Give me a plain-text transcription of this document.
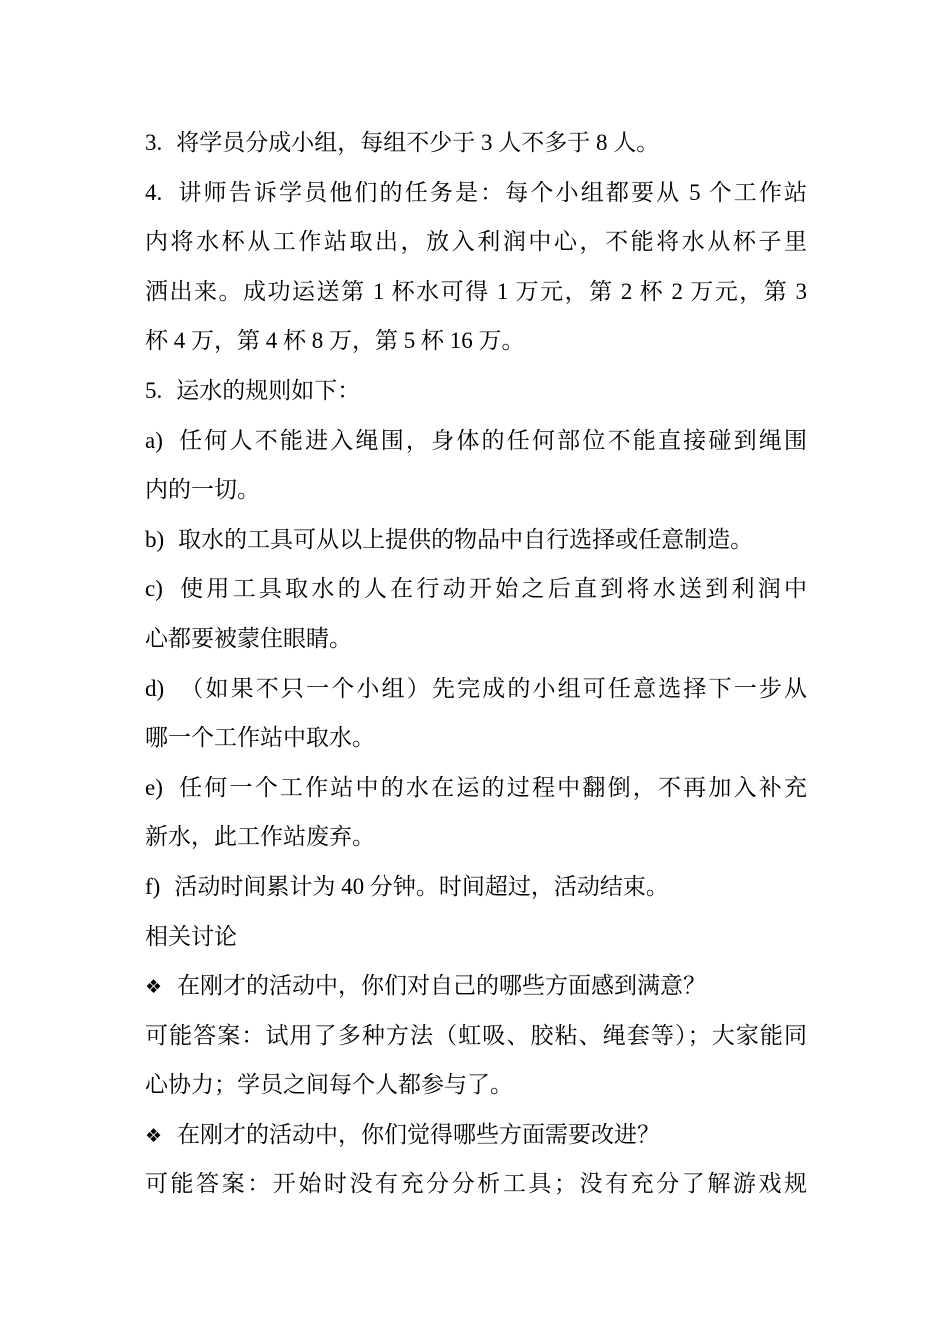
3. 将学员分成小组，每组不少于 3 人不多于 8 人。
4. 讲师告诉学员他们的任务是：每个小组都要从 5 个工作站
内将水杯从工作站取出，放入利润中心，不能将水从杯子里
洒出来。成功运送第 1 杯水可得 1 万元，第 2 杯 2 万元，第 3
杯 4 万，第 4 杯 8 万，第 5 杯 16 万。
5. 运水的规则如下：
a) 任何人不能进入绳围，身体的任何部位不能直接碰到绳围
内的一切。
b) 取水的工具可从以上提供的物品中自行选择或任意制造。
c) 使用工具取水的人在行动开始之后直到将水送到利润中
心都要被蒙住眼睛。
d) （如果不只一个小组）先完成的小组可任意选择下一步从
哪一个工作站中取水。
e) 任何一个工作站中的水在运的过程中翻倒，不再加入补充
新水，此工作站废弃。
f) 活动时间累计为 40 分钟。时间超过，活动结束。
相关讨论
❖ 在刚才的活动中，你们对自己的哪些方面感到满意？
可能答案：试用了多种方法（虹吸、胶粘、绳套等）；大家能同
心协力；学员之间每个人都参与了。
❖ 在刚才的活动中，你们觉得哪些方面需要改进？
可能答案：开始时没有充分分析工具；没有充分了解游戏规
